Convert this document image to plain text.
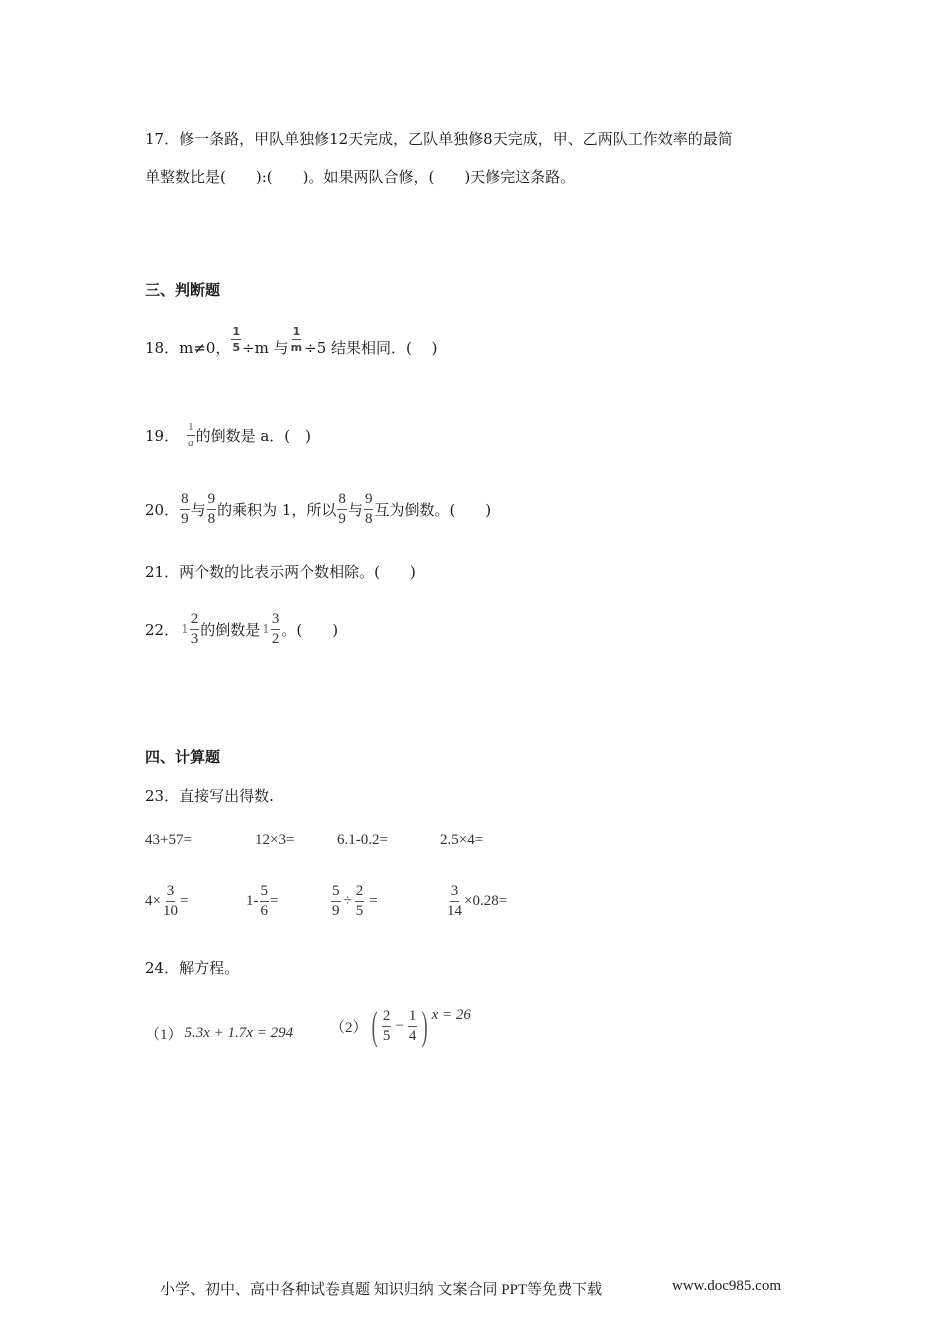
17．修一条路，甲队单独修12天完成，乙队单独修8天完成，甲、乙两队工作效率的最简
单整数比是(　　):(　　)。如果两队合修，(　　)天修完这条路。
三、判断题
18．m≠0， $\frac{1}{5} \div m$ 与 $\frac{1}{m} \div 5$ 结果相同．(　 )
19． $\frac{1}{a}$ 的倒数是 a．(　)
20． $\frac{8}{9}$ 与 $\frac{9}{8}$ 的乘积为 1，所以 $\frac{8}{9}$ 与 $\frac{9}{8}$ 互为倒数。(　　)
21．两个数的比表示两个数相除。(　　)
22． $1 \frac{2}{3}$ 的倒数是 $1 \frac{3}{2}$ 。(　　)
四、计算题
23．直接写出得数.
43+57=	12×3=	6.1-0.2=	2.5×4=
$4\times \frac{3}{10}$ =	$1- \frac{5}{6}$ =	$\frac{5}{9} \div \frac{2}{5}$ =	$\frac{3}{14} \times 0.28=$
24．解方程。
（1） 5.3x + 1.7x = 294 （2） ( $\frac{2}{5} - \frac{1}{4}$ ) x = 26
小学、初中、高中各种试卷真题 知识归纳 文案合同 PPT等免费下载	www.doc985.com
